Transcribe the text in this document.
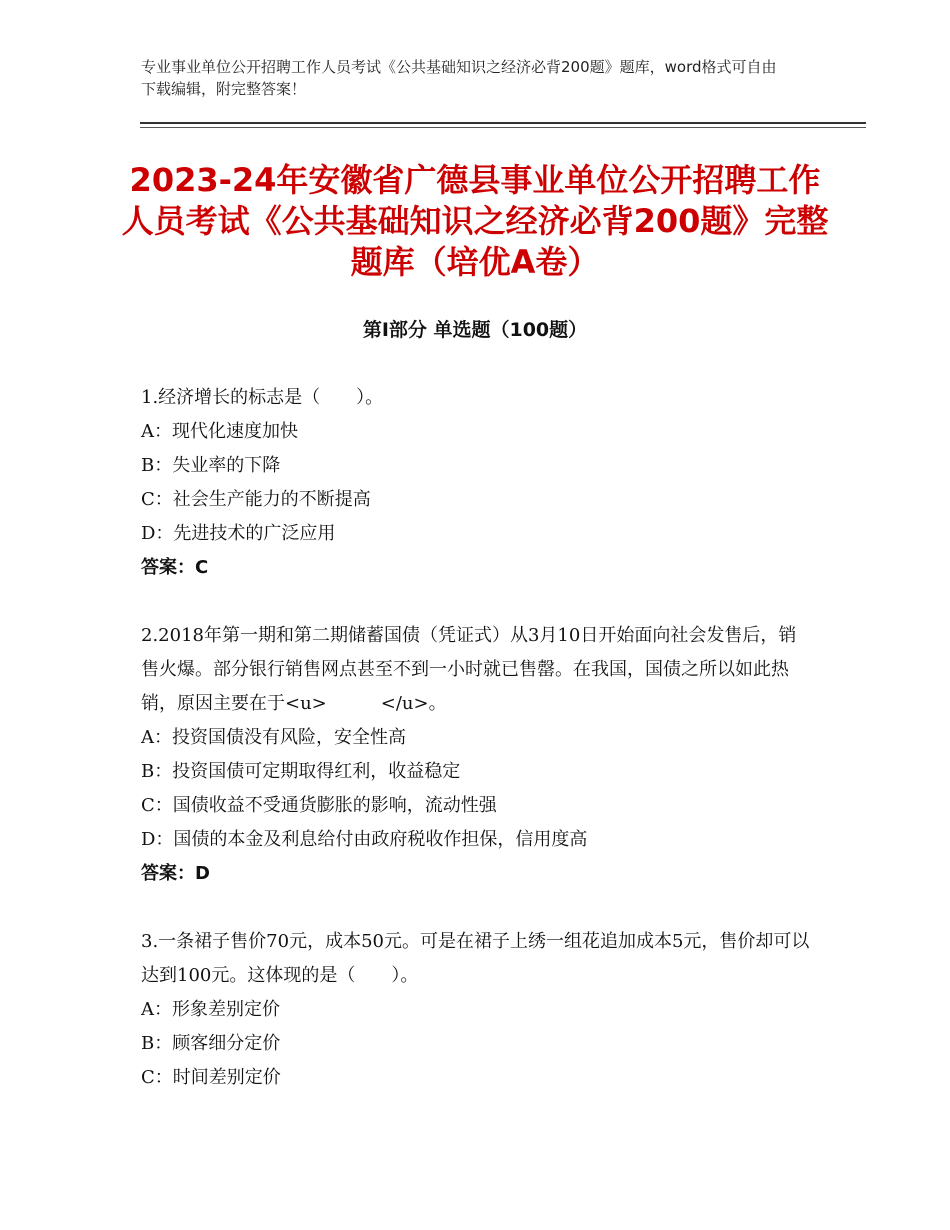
专业事业单位公开招聘工作人员考试《公共基础知识之经济必背200题》题库，word格式可自由下载编辑，附完整答案！
2023-24年安徽省广德县事业单位公开招聘工作人员考试《公共基础知识之经济必背200题》完整题库（培优A卷）
第I部分 单选题（100题）

1.经济增长的标志是（　　）。

A：现代化速度加快

B：失业率的下降

C：社会生产能力的不断提高

D：先进技术的广泛应用

答案：C

2.2018年第一期和第二期储蓄国债（凭证式）从3月10日开始面向社会发售后，销售火爆。部分银行销售网点甚至不到一小时就已售罄。在我国，国债之所以如此热销，原因主要在于<u>　　　</u>。

A：投资国债没有风险，安全性高

B：投资国债可定期取得红利，收益稳定

C：国债收益不受通货膨胀的影响，流动性强

D：国债的本金及利息给付由政府税收作担保，信用度高

答案：D

3.一条裙子售价70元，成本50元。可是在裙子上绣一组花追加成本5元，售价却可以达到100元。这体现的是（　　）。

A：形象差别定价

B：顾客细分定价

C：时间差别定价
